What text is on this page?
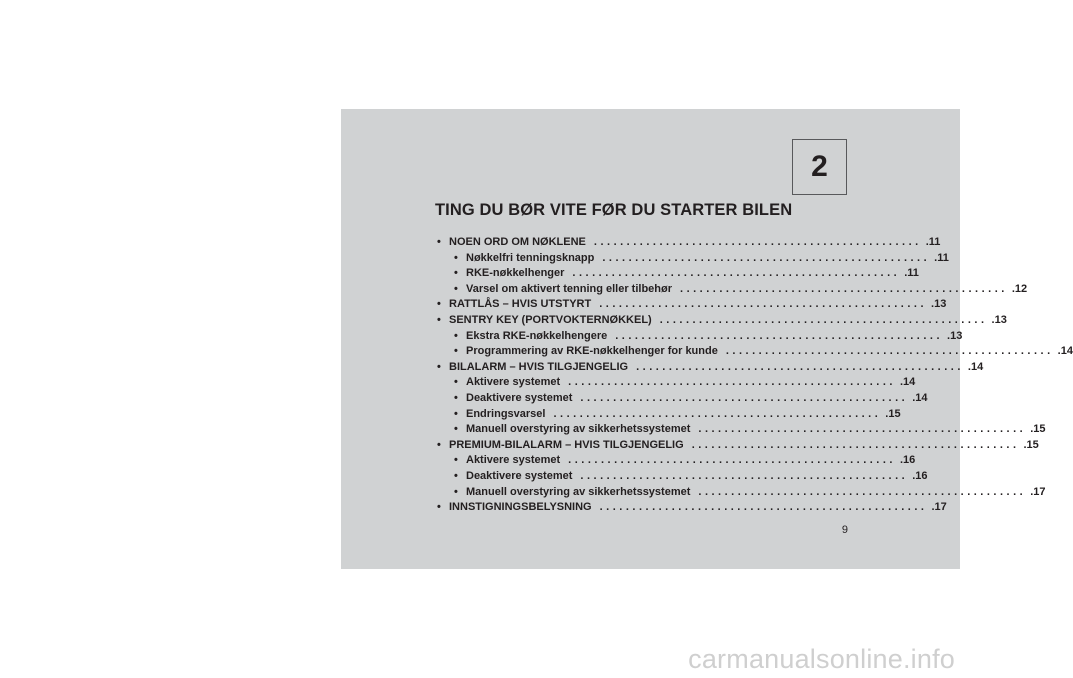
2
TING DU BØR VITE FØR DU STARTER BILEN
• NOEN ORD OM NØKLENE .................................................. .11
• Nøkkelfri tenningsknapp .................................................. .11
• RKE-nøkkelhenger .................................................. .11
• Varsel om aktivert tenning eller tilbehør .................................................. .12
• RATTLÅS – HVIS UTSTYRT .................................................. .13
• SENTRY KEY (PORTVOKTERNØKKEL) .................................................. .13
• Ekstra RKE-nøkkelhengere .................................................. .13
• Programmering av RKE-nøkkelhenger for kunde .................................................. .14
• BILALARM – HVIS TILGJENGELIG .................................................. .14
• Aktivere systemet .................................................. .14
• Deaktivere systemet .................................................. .14
• Endringsvarsel .................................................. .15
• Manuell overstyring av sikkerhetssystemet .................................................. .15
• PREMIUM-BILALARM – HVIS TILGJENGELIG .................................................. .15
• Aktivere systemet .................................................. .16
• Deaktivere systemet .................................................. .16
• Manuell overstyring av sikkerhetssystemet .................................................. .17
• INNSTIGNINGSBELYSNING .................................................. .17
9
carmanualsonline.info
